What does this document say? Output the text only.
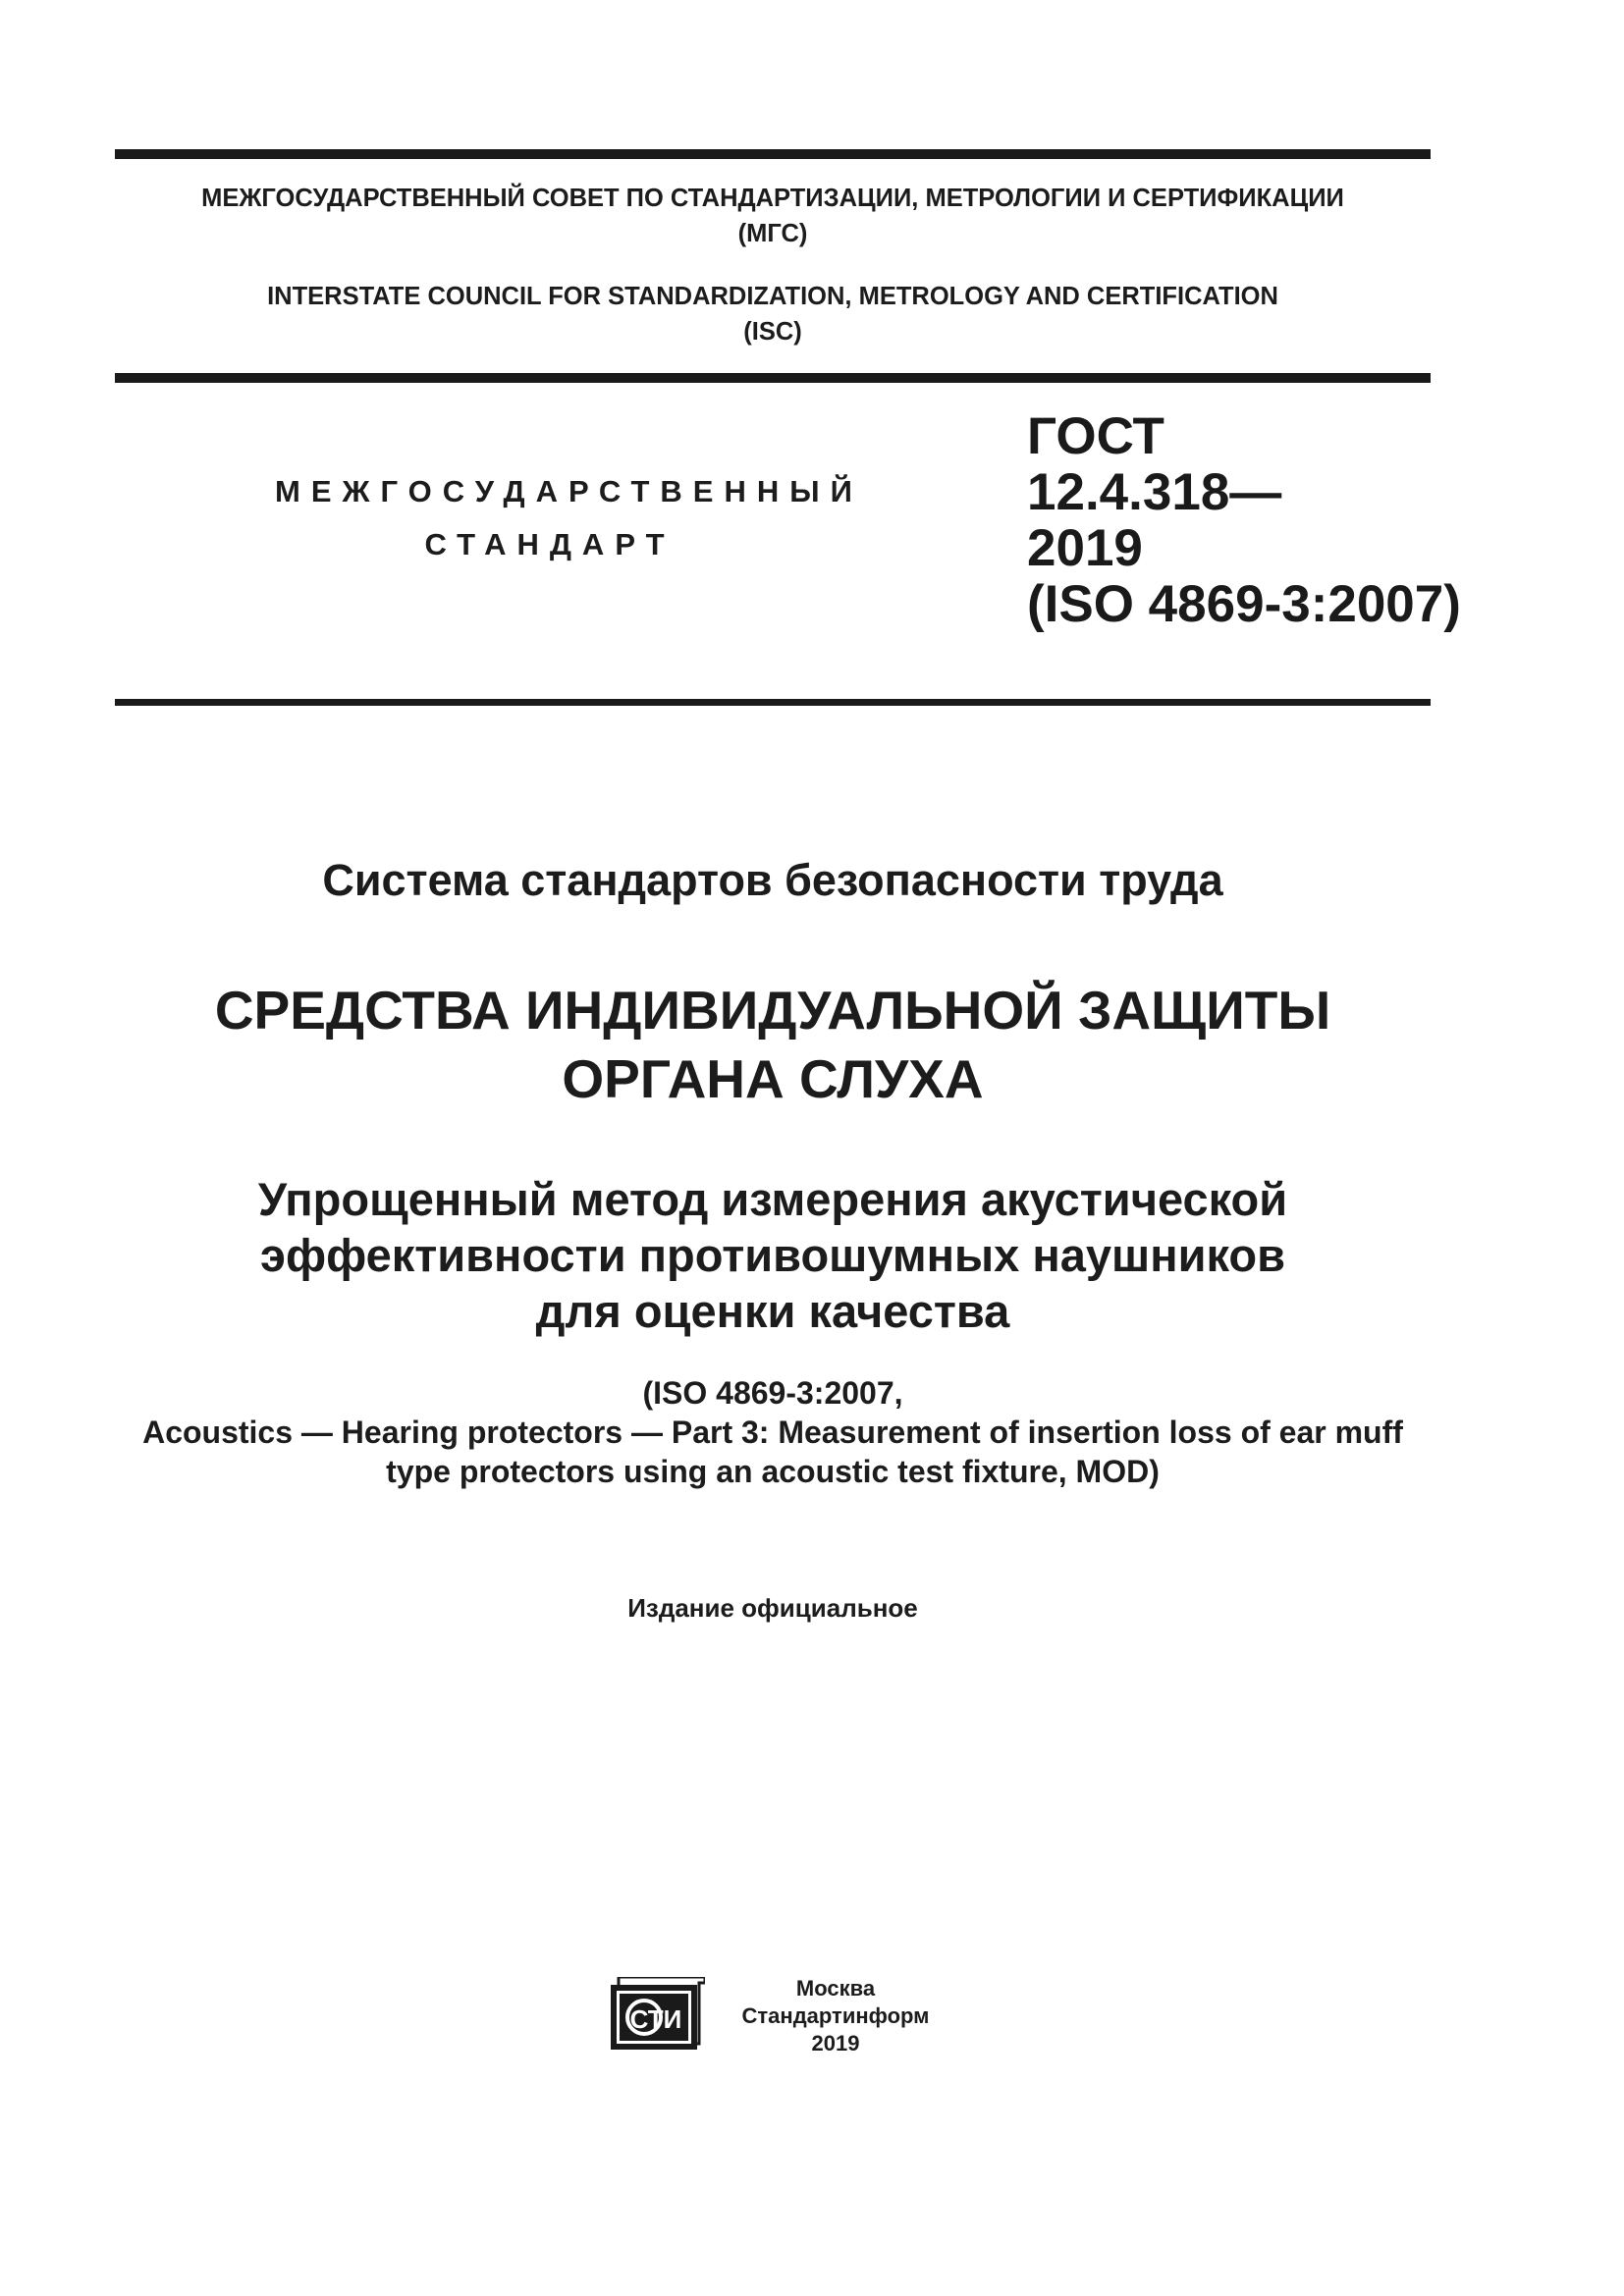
МЕЖГОСУДАРСТВЕННЫЙ СОВЕТ ПО СТАНДАРТИЗАЦИИ, МЕТРОЛОГИИ И СЕРТИФИКАЦИИ
(МГС)
INTERSTATE COUNCIL FOR STANDARDIZATION, METROLOGY AND CERTIFICATION
(ISC)
МЕЖГОСУДАРСТВЕННЫЙ
СТАНДАРТ
ГОСТ
12.4.318—
2019
(ISO 4869-3:2007)
Система стандартов безопасности труда
СРЕДСТВА ИНДИВИДУАЛЬНОЙ ЗАЩИТЫ
ОРГАНА СЛУХА
Упрощенный метод измерения акустической
эффективности противошумных наушников
для оценки качества
(ISO 4869-3:2007,
Acoustics — Hearing protectors — Part 3: Measurement of insertion loss of ear muff
type protectors using an acoustic test fixture, MOD)
Издание официальное
СТИ
Москва
Стандартинформ
2019
